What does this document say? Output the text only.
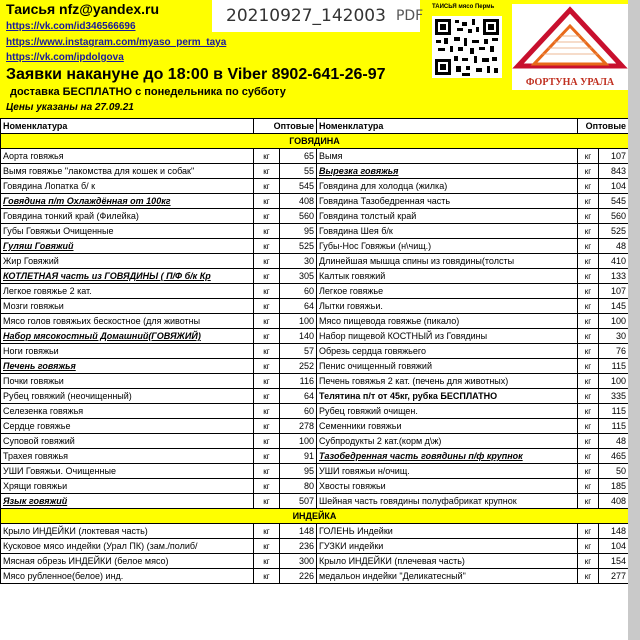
Таисья nfz@yandex.ru
https://vk.com/id346566696
https://www.instagram.com/myaso_perm_taya
https://vk.com/ipdolgova
20210927_142003 PDF
ТАИСЬЯ мясо Пермь
ФОРТУНА УРАЛА
Заявки накануне до 18:00 в Viber 8902-641-26-97
доставка БЕСПЛАТНО с понедельника по субботу
Цены указаны на 27.09.21
Номенклатура	Оптовые		Номенклатура	Оптовые	
ГОВЯДИНА					
Аорта говяжья	кг	65	Вымя	кг	107
Вымя говяжье "лакомства для кошек и собак"	кг	55	Вырезка говяжья	кг	843
Говядина Лопатка б/ к	кг	545	Говядина для холодца (жилка)	кг	104
Говядина п/т Охлаждённая от 100кг	кг	408	Говядина Тазобедренная часть	кг	545
Говядина тонкий край (Филейка)	кг	560	Говядина толстый край	кг	560
Губы Говяжьи Очищенные	кг	95	Говядина Шея б/к	кг	525
Гуляш Говяжий	кг	525	Губы-Нос Говяжьи (н\чищ.)	кг	48
Жир Говяжий	кг	30	Длинейшая мышца спины из говядины(толсты	кг	410
КОТЛЕТНАЯ часть из ГОВЯДИНЫ ( П/Ф б/к Кр	кг	305	Калтык говяжий	кг	133
Легкое говяжье 2 кат.	кг	60	Легкое говяжье	кг	107
Мозги говяжьи	кг	64	Лытки говяжьи.	кг	145
Мясо голов говяжьих бескостное (для животны	кг	100	Мясо пищевода говяжье (пикало)	кг	100
Набор мясокостный Домашний(ГОВЯЖИЙ)	кг	140	Набор пищевой КОСТНЫЙ из Говядины	кг	30
Ноги говяжьи	кг	57	Обрезь сердца говяжьего	кг	76
Печень говяжья	кг	252	Пенис очищенный говяжий	кг	115
Почки говяжьи	кг	116	Печень говяжья 2 кат. (печень для животных)	кг	100
Рубец говяжий (неочищенный)	кг	64	Телятина п/т от 45кг, рубка БЕСПЛАТНО	кг	335
Селезенка говяжья	кг	60	Рубец говяжий очищен.	кг	115
Сердце говяжье	кг	278	Семенники говяжьи	кг	115
Суповой говяжий	кг	100	Субпродукты 2 кат.(корм д\ж)	кг	48
Трахея говяжья	кг	91	Тазобедренная часть говядины п/ф крупнок	кг	465
УШИ Говяжьи. Очищенные	кг	95	УШИ говяжьи н/очищ.	кг	50
Хрящи говяжьи	кг	80	Хвосты говяжьи	кг	185
Язык говяжий	кг	507	Шейная часть говядины полуфабрикат крупнок	кг	408
ИНДЕЙКА					
Крыло ИНДЕЙКИ (локтевая часть)	кг	148	ГОЛЕНЬ Индейки	кг	148
Кусковое мясо индейки (Урал ПК) (зам./полиб/	кг	236	ГУЗКИ индейки	кг	104
Мясная обрезь ИНДЕЙКИ (белое мясо)	кг	300	Крыло ИНДЕЙКИ (плечевая часть)	кг	154
Мясо рубленное(белое) инд.	кг	226	медальон индейки "Деликатесный"	кг	277
